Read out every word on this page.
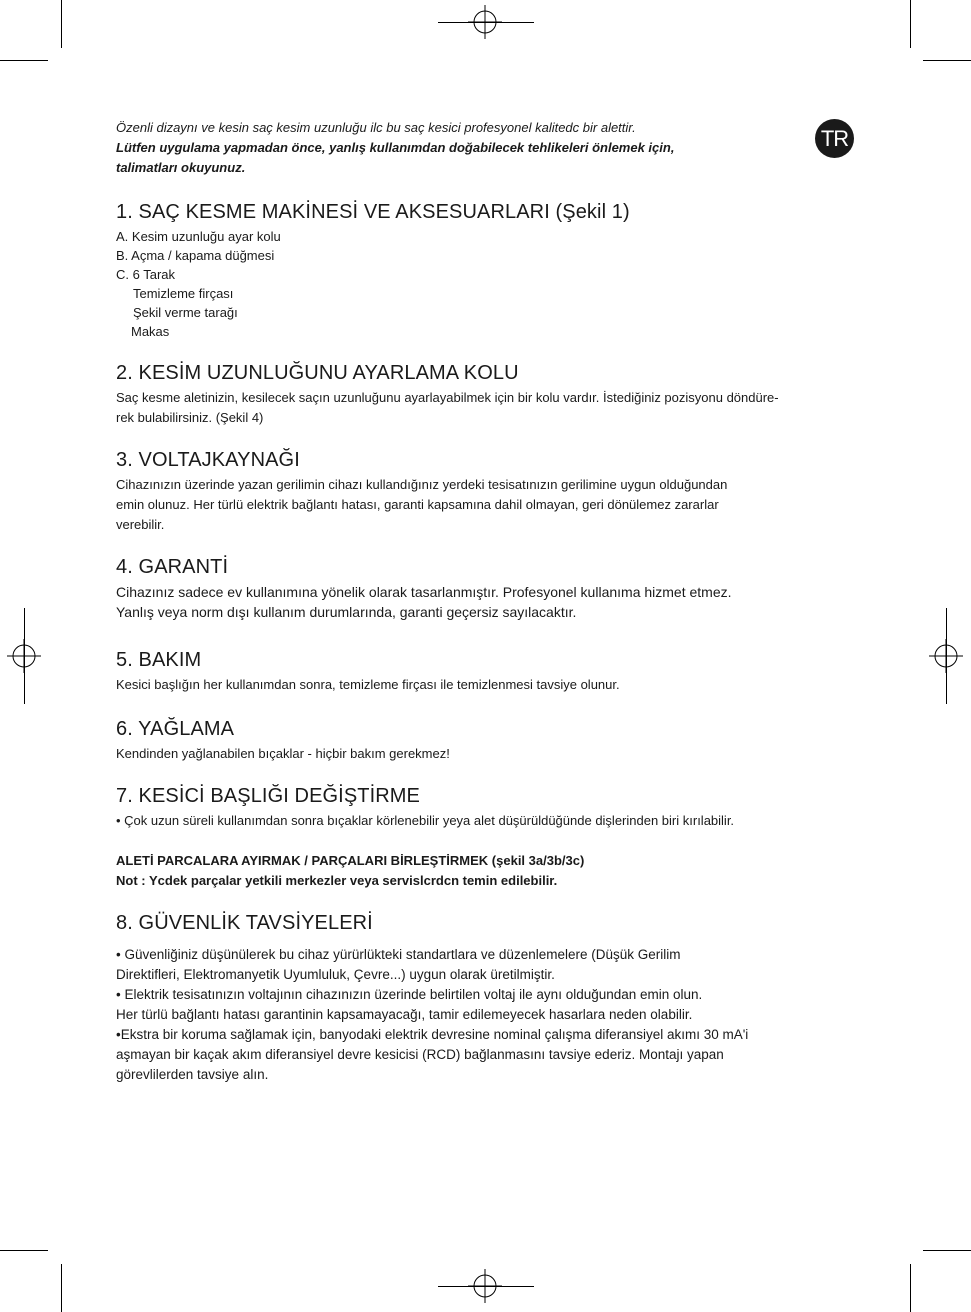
TR
Özenli dizaynı ve kesin saç kesim uzunluğu ilc bu saç kesici profesyonel kalitedc bir alettir.
Lütfen uygulama yapmadan önce, yanlış kullanımdan doğabilecek tehlikeleri önlemek için,
talimatları okuyunuz.
1. SAÇ KESME MAKİNESİ VE AKSESUARLARI (Şekil 1)
A. Kesim uzunluğu ayar kolu
B. Açma / kapama düğmesi
C. 6 Tarak
Temizleme firçası
Şekil verme tarağı
Makas
2. KESİM UZUNLUĞUNU AYARLAMA KOLU

Saç kesme aletinizin, kesilecek saçın uzunluğunu ayarlayabilmek için bir kolu vardır. İstediğiniz pozisyonu döndüre-

rek bulabilirsiniz. (Şekil 4)

3. VOLTAJKAYNAĞI

Cihazınızın üzerinde yazan gerilimin cihazı kullandığınız yerdeki tesisatınızın gerilimine uygun olduğundan

emin olunuz. Her türlü elektrik bağlantı hatası, garanti kapsamına dahil olmayan, geri dönülemez zararlar

verebilir.

4. GARANTİ

Cihazınız sadece ev kullanımına yönelik olarak tasarlanmıştır. Profesyonel kullanıma hizmet etmez.

Yanlış veya norm dışı kullanım durumlarında, garanti geçersiz sayılacaktır.

5. BAKIM

Kesici başlığın her kullanımdan sonra, temizleme firçası ile temizlenmesi tavsiye olunur.

6. YAĞLAMA

Kendinden yağlanabilen bıçaklar - hiçbir bakım gerekmez!

7. KESİCİ BAŞLIĞI DEĞİŞTİRME

• Çok uzun süreli kullanımdan sonra bıçaklar körlenebilir yeya alet düşürüldüğünde dişlerinden biri kırılabilir.

ALETİ PARCALARA AYIRMAK / PARÇALARI BİRLEŞTİRMEK (şekil 3a/3b/3c)

Not : Ycdek parçalar yetkili merkezler veya servislcrdcn temin edilebilir.

8. GÜVENLİK TAVSİYELERİ

• Güvenliğiniz düşünülerek bu cihaz yürürlükteki standartlara ve düzenlemelere (Düşük Gerilim

Direktifleri, Elektromanyetik Uyumluluk, Çevre...) uygun olarak üretilmiştir.

• Elektrik tesisatınızın voltajının cihazınızın üzerinde belirtilen voltaj ile aynı olduğundan emin olun.

Her türlü bağlantı hatası garantinin kapsamayacağı, tamir edilemeyecek hasarlara neden olabilir.

•Ekstra bir koruma sağlamak için, banyodaki elektrik devresine nominal çalışma diferansiyel akımı 30 mA'i

aşmayan bir kaçak akım diferansiyel devre kesicisi (RCD) bağlanmasını tavsiye ederiz. Montajı yapan

görevlilerden tavsiye alın.
